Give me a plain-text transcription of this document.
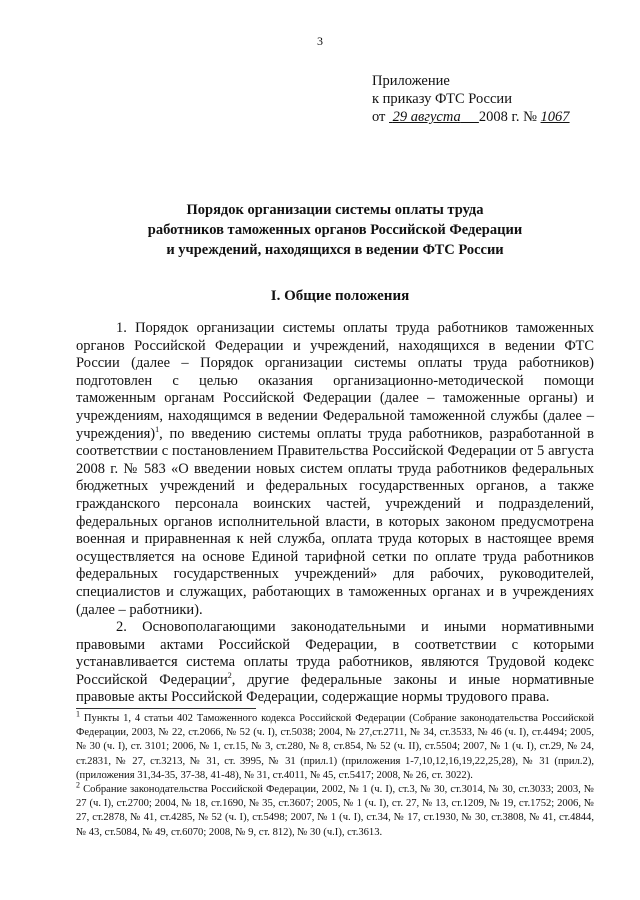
3
Приложение
к приказу ФТС России
от 29 августа 2008 г. № 1067
Порядок организации системы оплаты труда
работников таможенных органов Российской Федерации
и учреждений, находящихся в ведении ФТС России
I. Общие положения

1. Порядок организации системы оплаты труда работников таможенных органов Российской Федерации и учреждений, находящихся в ведении ФТС России (далее – Порядок организации системы оплаты труда работников) подготовлен с целью оказания организационно-методической помощи таможенным органам Российской Федерации (далее – таможенные органы) и учреждениям, находящимся в ведении Федеральной таможенной службы (далее – учреждения)$^1$, по введению системы оплаты труда работников, разработанной в соответствии с постановлением Правительства Российской Федерации от 5 августа 2008 г. № 583 «О введении новых систем оплаты труда работников федеральных бюджетных учреждений и федеральных государственных органов, а также гражданского персонала воинских частей, учреждений и подразделений, федеральных органов исполнительной власти, в которых законом предусмотрена военная и приравненная к ней служба, оплата труда которых в настоящее время осуществляется на основе Единой тарифной сетки по оплате труда работников федеральных государственных учреждений» для рабочих, руководителей, специалистов и служащих, работающих в таможенных органах и в учреждениях (далее – работники).

2. Основополагающими законодательными и иными нормативными правовыми актами Российской Федерации, в соответствии с которыми устанавливается система оплаты труда работников, являются Трудовой кодекс Российской Федерации$^2$, другие федеральные законы и иные нормативные правовые акты Российской Федерации, содержащие нормы трудового права.

$^1$ Пункты 1, 4 статьи 402 Таможенного кодекса Российской Федерации (Собрание законодательства Российской Федерации, 2003, № 22, ст.2066, № 52 (ч. I), ст.5038; 2004, № 27,ст.2711, № 34, ст.3533, № 46 (ч. I), ст.4494; 2005, № 30 (ч. I), ст. 3101; 2006, № 1, ст.15, № 3, ст.280, № 8, ст.854, № 52 (ч. II), ст.5504; 2007, № 1 (ч. I), ст.29, № 24, ст.2831, № 27, ст.3213, № 31, ст. 3995, № 31 (прил.1) (приложения 1-7,10,12,16,19,22,25,28), № 31 (прил.2), (приложения 31,34-35, 37-38, 41-48), № 31, ст.4011, № 45, ст.5417; 2008, № 26, ст. 3022).

$^2$ Собрание законодательства Российской Федерации, 2002, № 1 (ч. I), ст.3, № 30, ст.3014, № 30, ст.3033; 2003, № 27 (ч. I), ст.2700; 2004, № 18, ст.1690, № 35, ст.3607; 2005, № 1 (ч. I), ст. 27, № 13, ст.1209, № 19, ст.1752; 2006, № 27, ст.2878, № 41, ст.4285, № 52 (ч. I), ст.5498; 2007, № 1 (ч. I), ст.34, № 17, ст.1930, № 30, ст.3808, № 41, ст.4844, № 43, ст.5084, № 49, ст.6070; 2008, № 9, ст. 812), № 30 (ч.I), ст.3613.
